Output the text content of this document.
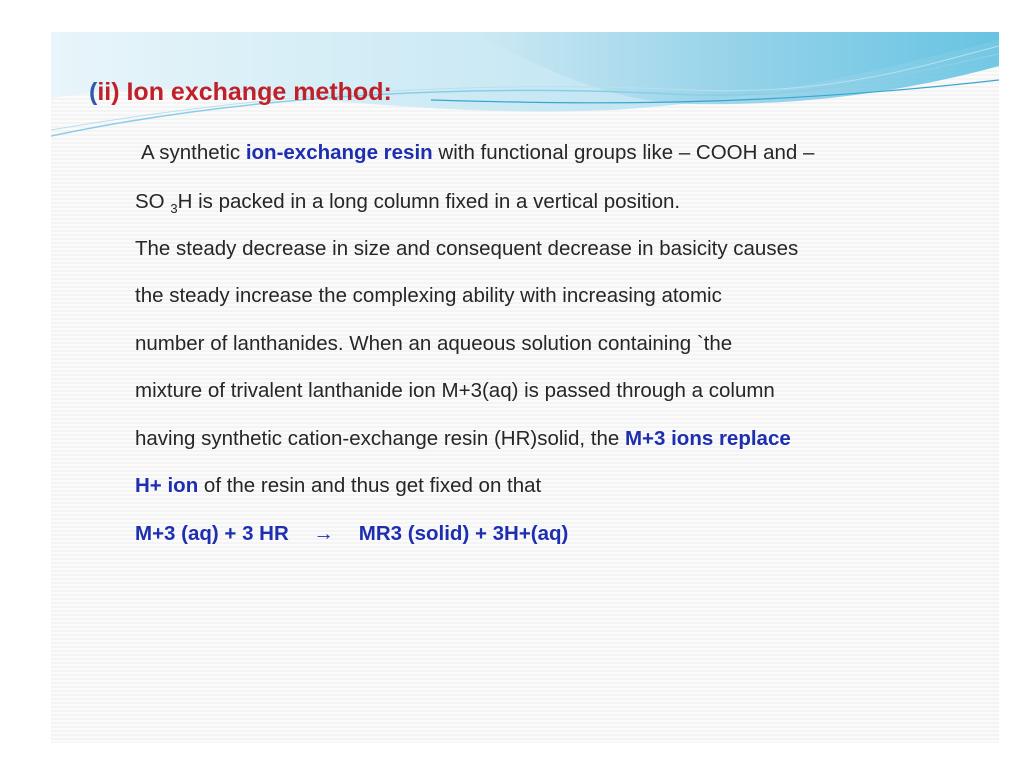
(ii) Ion exchange method:
A synthetic ion-exchange resin with functional groups like – COOH and –
SO $_3$H is packed in a long column fixed in a vertical position.
The steady decrease in size and consequent decrease in basicity causes
the steady increase the complexing ability with increasing atomic
number of lanthanides. When an aqueous solution containing `the
mixture of trivalent lanthanide ion M+3(aq) is passed through a column
having synthetic cation-exchange resin (HR)solid, the M+3 ions replace
H+ ion of the resin and thus get fixed on that
M+3 (aq) + 3 HR → MR3 (solid) + 3H+(aq)
